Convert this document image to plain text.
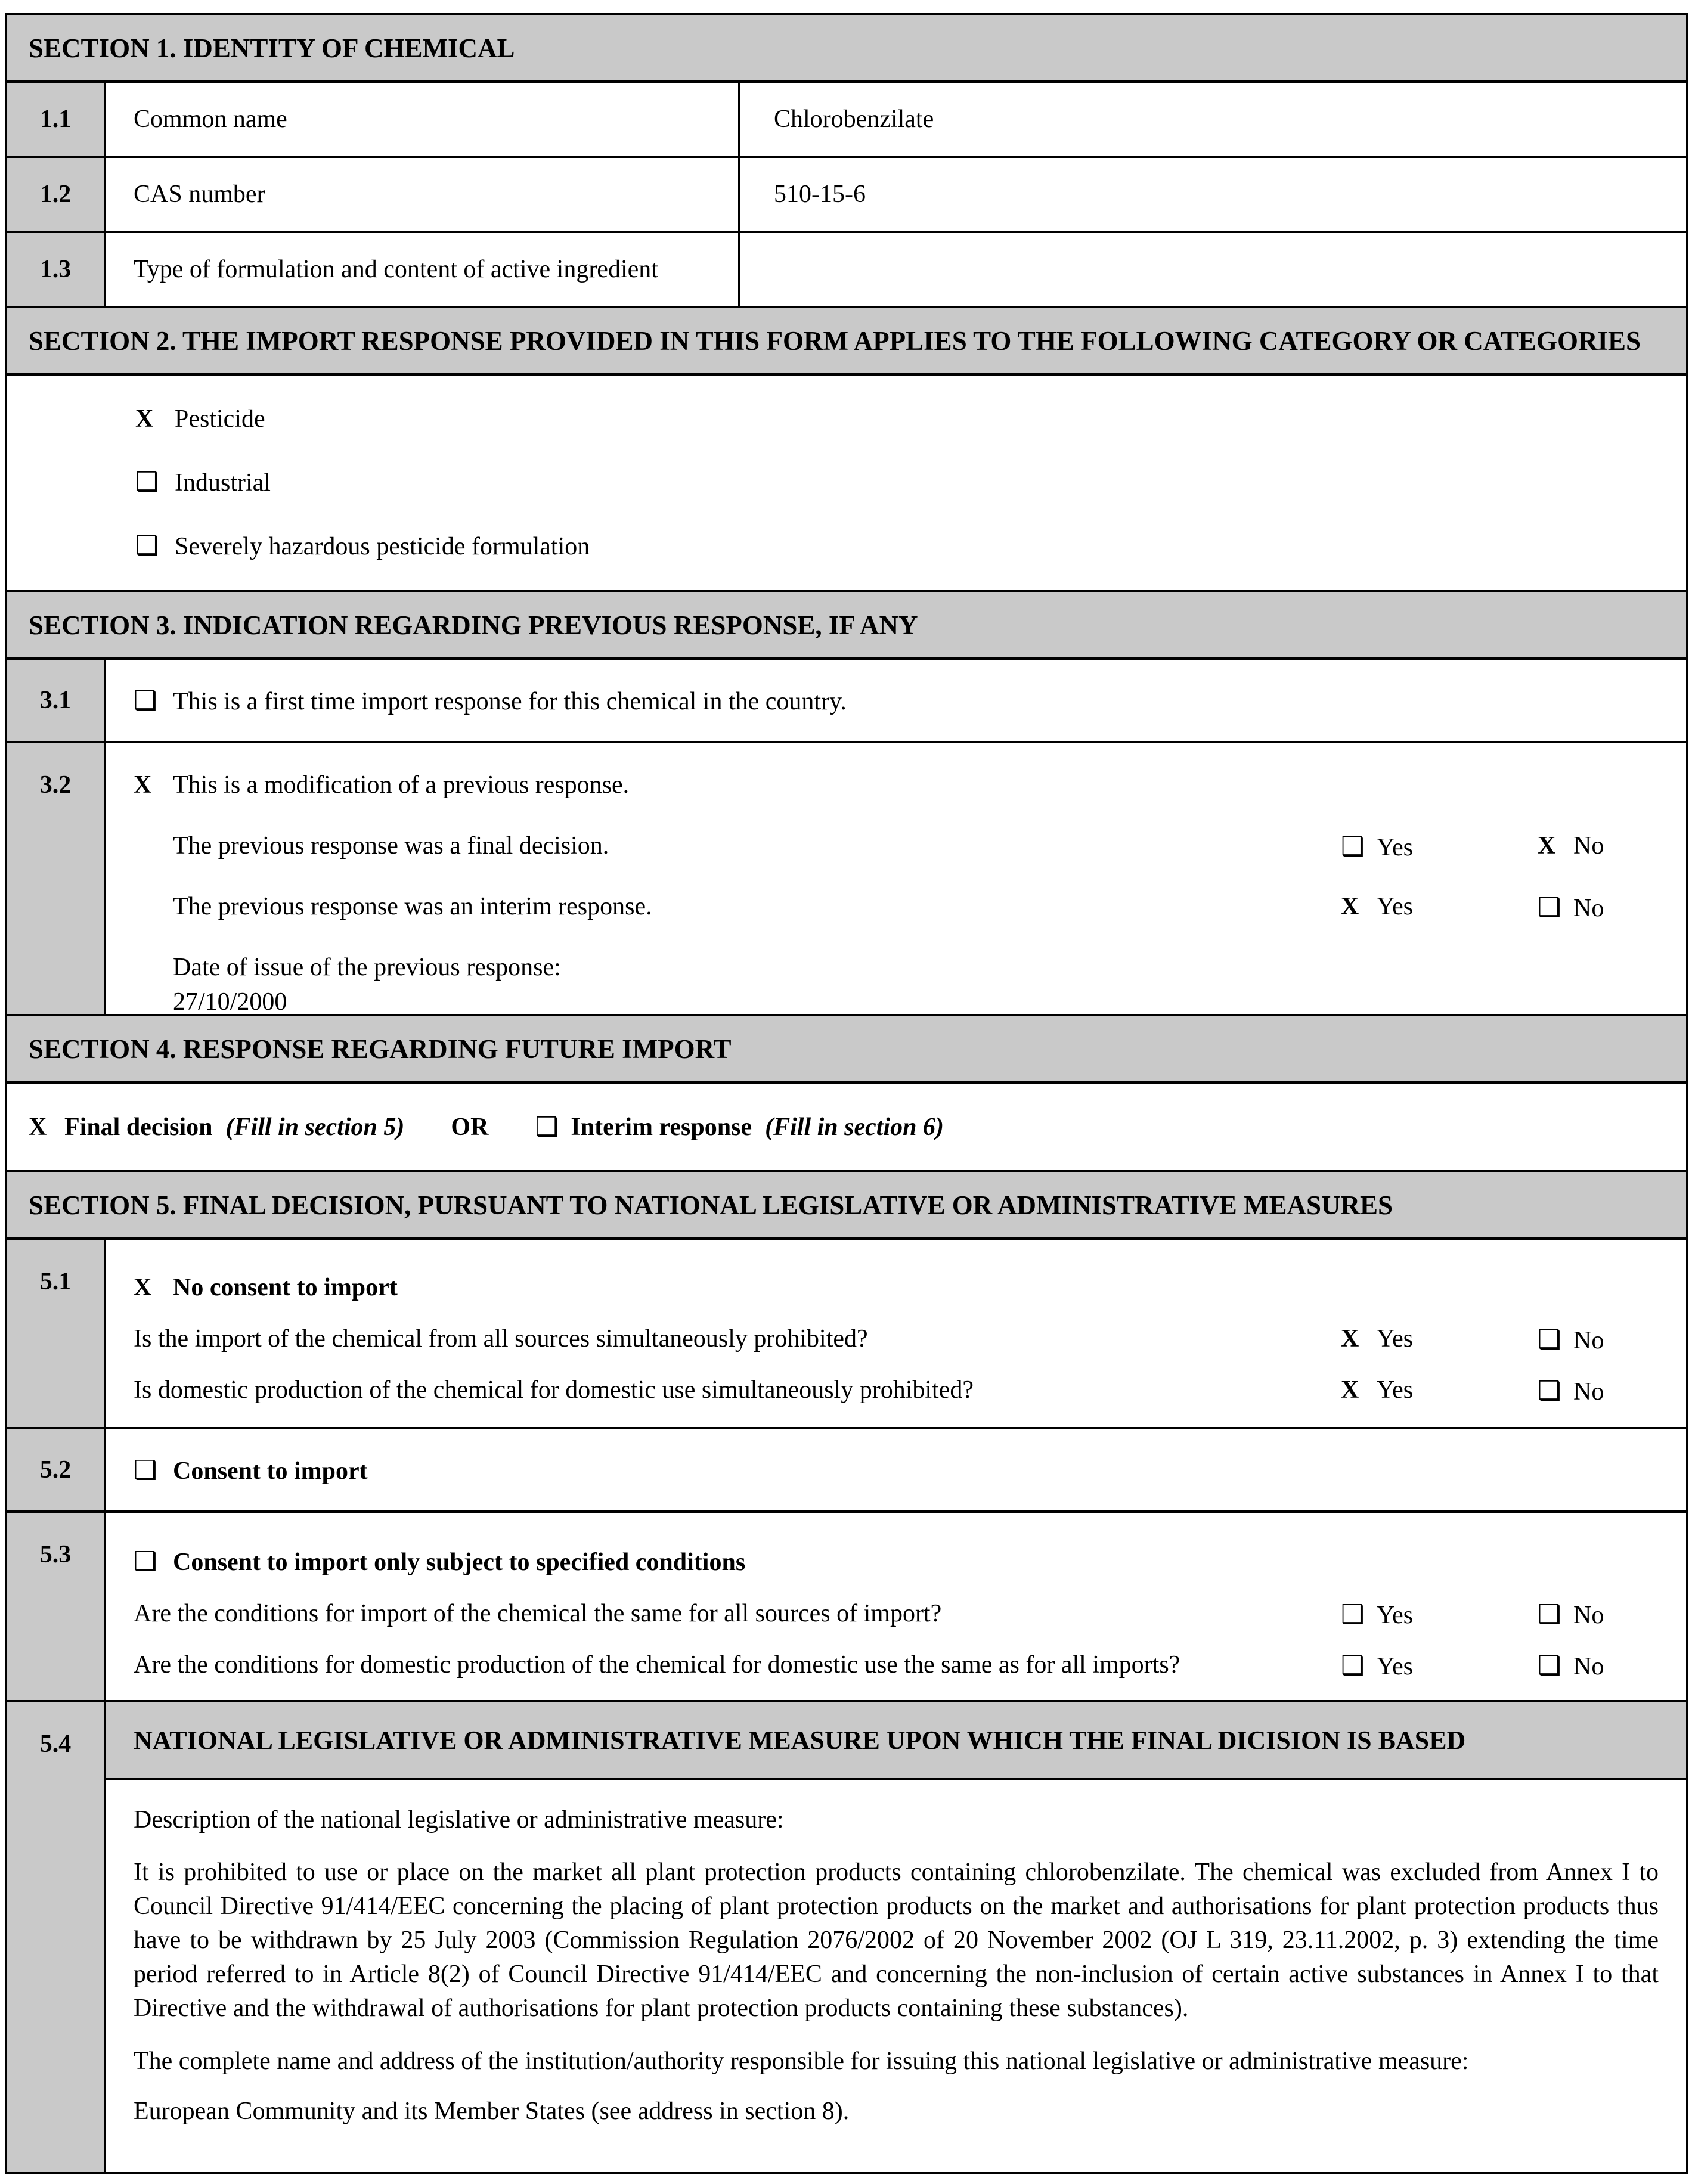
SECTION 1. IDENTITY OF CHEMICAL
1.1	Common name	Chlorobenzilate
1.2	CAS number	510-15-6
1.3	Type of formulation and content of active ingredient
SECTION 2. THE IMPORT RESPONSE PROVIDED IN THIS FORM APPLIES TO THE FOLLOWING CATEGORY OR CATEGORIES
X Pesticide
❑ Industrial
❑ Severely hazardous pesticide formulation
SECTION 3. INDICATION REGARDING PREVIOUS RESPONSE, IF ANY
3.1	❑ This is a first time import response for this chemical in the country.
3.2	X This is a modification of a previous response.
The previous response was a final decision.	❑ Yes	X No
The previous response was an interim response.	X Yes	❑ No
Date of issue of the previous response:
27/10/2000
SECTION 4. RESPONSE REGARDING FUTURE IMPORT
X Final decision (Fill in section 5) OR ❑ Interim response (Fill in section 6)
SECTION 5. FINAL DECISION, PURSUANT TO NATIONAL LEGISLATIVE OR ADMINISTRATIVE MEASURES
5.1	X No consent to import
Is the import of the chemical from all sources simultaneously prohibited?	X Yes	❑ No
Is domestic production of the chemical for domestic use simultaneously prohibited?	X Yes	❑ No
5.2	❑ Consent to import
5.3	❑ Consent to import only subject to specified conditions
Are the conditions for import of the chemical the same for all sources of import?	❑ Yes	❑ No
Are the conditions for domestic production of the chemical for domestic use the same as for all imports?	❑ Yes	❑ No
5.4	NATIONAL LEGISLATIVE OR ADMINISTRATIVE MEASURE UPON WHICH THE FINAL DICISION IS BASED
Description of the national legislative or administrative measure:
It is prohibited to use or place on the market all plant protection products containing chlorobenzilate. The chemical was excluded from Annex I to Council Directive 91/414/EEC concerning the placing of plant protection products on the market and authorisations for plant protection products thus have to be withdrawn by 25 July 2003 (Commission Regulation 2076/2002 of 20 November 2002 (OJ L 319, 23.11.2002, p. 3) extending the time period referred to in Article 8(2) of Council Directive 91/414/EEC and concerning the non-inclusion of certain active substances in Annex I to that Directive and the withdrawal of authorisations for plant protection products containing these substances).
The complete name and address of the institution/authority responsible for issuing this national legislative or administrative measure:
European Community and its Member States (see address in section 8).
